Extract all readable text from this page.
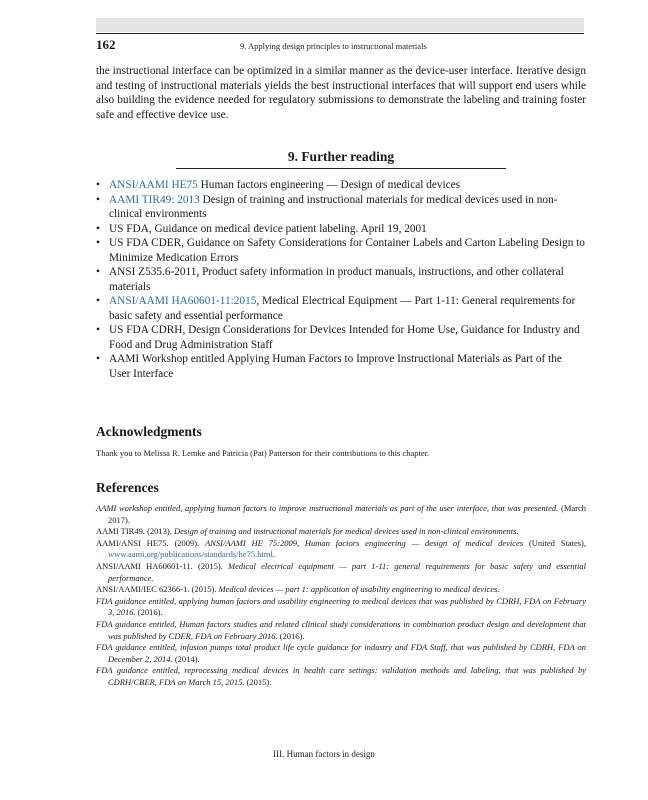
162	9. Applying design principles to instructional materials

the instructional interface can be optimized in a similar manner as the device-user interface. Iterative design and testing of instructional materials yields the best instructional interfaces that will support end users while also building the evidence needed for regulatory submissions to demonstrate the labeling and training foster safe and effective device use.

9. Further reading
• ANSI/AAMI HE75 Human factors engineering — Design of medical devices
• AAMI TIR49: 2013 Design of training and instructional materials for medical devices used in non-clinical environments
• US FDA, Guidance on medical device patient labeling. April 19, 2001
• US FDA CDER, Guidance on Safety Considerations for Container Labels and Carton Labeling Design to Minimize Medication Errors
• ANSI Z535.6-2011, Product safety information in product manuals, instructions, and other collateral materials
• ANSI/AAMI HA60601-11:2015, Medical Electrical Equipment — Part 1-11: General requirements for basic safety and essential performance
• US FDA CDRH, Design Considerations for Devices Intended for Home Use, Guidance for Industry and Food and Drug Administration Staff
• AAMI Workshop entitled Applying Human Factors to Improve Instructional Materials as Part of the User Interface
Acknowledgments
Thank you to Melissa R. Lemke and Patricia (Pat) Patterson for their contributions to this chapter.
References
AAMI workshop entitled, applying human factors to improve instructional materials as part of the user interface, that was presented. (March 2017).
AAMI TIR49. (2013). Design of training and instructional materials for medical devices used in non-clinical environments.
AAMI/ANSI HE75. (2009). ANSI/AAMI HE 75:2009, Human factors engineering — design of medical devices (United States), www.aami.org/publications/standards/he75.html.
ANSI/AAMI HA60601-11. (2015). Medical electrical equipment — part 1-11: general requirements for basic safety and essential performance.
ANSI/AAMI/IEC 62366-1. (2015). Medical devices — part 1: application of usability engineering to medical devices.
FDA guidance entitled, applying human factors and usability engineering to medical devices that was published by CDRH, FDA on February 3, 2016. (2016).
FDA guidance entitled, Human factors studies and related clinical study considerations in combination product design and development that was published by CDER, FDA on February 2016. (2016).
FDA guidance entitled, infusion pumps total product life cycle guidance for industry and FDA Staff, that was published by CDRH, FDA on December 2, 2014. (2014).
FDA guidance entitled, reprocessing medical devices in health care settings: validation methods and labeling, that was published by CDRH/CBER, FDA on March 15, 2015. (2015).
III. Human factors in design
